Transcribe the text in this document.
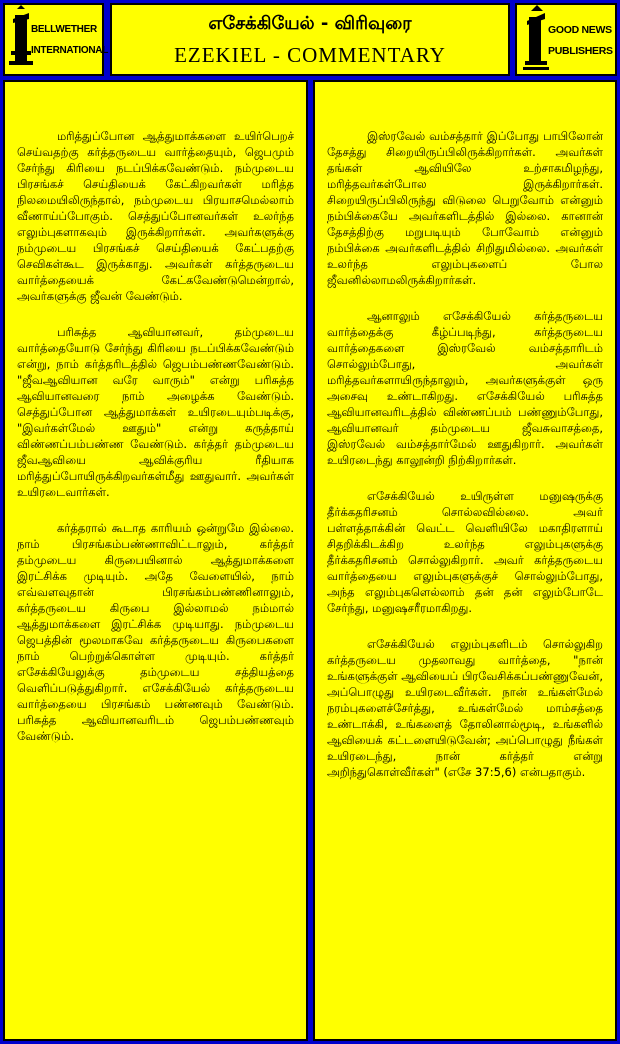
BELLWETHER
INTERNATIONAL
எசேக்கியேல் - விரிவுரை
EZEKIEL - COMMENTARY
GOOD NEWS
PUBLISHERS

மரித்துப்போன ஆத்துமாக்களை உயிர்பெறச் செய்வதற்கு கர்த்தருடைய வார்த்தையும், ஜெபமும் சேர்ந்து கிரியை நடப்பிக்கவேண்டும். நம்முடைய பிரசங்கச் செய்தியைக் கேட்கிறவர்கள் மரித்த நிலமையிலிருந்தால், நம்முடைய பிரயாசமெல்லாம் வீணாய்ப்போகும். செத்துப்போனவர்கள் உலர்ந்த எலும்புகளாகவும் இருக்கிறார்கள். அவர்களுக்கு நம்முடைய பிரசங்கச் செய்தியைக் கேட்பதற்கு செவிகள்கூட இருக்காது. அவர்கள் கர்த்தருடைய வார்த்தையைக் கேட்கவேண்டுமென்றால், அவர்களுக்கு ஜீவன் வேண்டும்.

பரிசுத்த ஆவியானவர், தம்முடைய வார்த்தையோடு சேர்ந்து கிரியை நடப்பிக்கவேண்டும் என்று, நாம் கர்த்தரிடத்தில் ஜெபம்பண்ணவேண்டும். "ஜீவஆவியான வரே வாரும்" என்று பரிசுத்த ஆவியானவரை நாம் அழைக்க வேண்டும். செத்துப்போன ஆத்துமாக்கள் உயிரடையும்படிக்கு, "இவர்கள்மேல் ஊதும்" என்று கருத்தாய் விண்ணப்பம்பண்ண வேண்டும். கர்த்தர் தம்முடைய ஜீவஆவியை ஆவிக்குரிய ரீதியாக மரித்துப்போயிருக்கிறவர்கள்மீது ஊதுவார். அவர்கள் உயிரடைவார்கள்.

கர்த்தரால் கூடாத காரியம் ஒன்றுமே இல்லை. நாம் பிரசங்கம்பண்ணாவிட்டாலும், கர்த்தர் தம்முடைய கிருபையினால் ஆத்துமாக்களை இரட்சிக்க முடியும். அதே வேளையில், நாம் எவ்வளவுதான் பிரசங்கம்பண்ணினாலும், கர்த்தருடைய கிருபை இல்லாமல் நம்மால் ஆத்துமாக்களை இரட்சிக்க முடியாது. நம்முடைய ஜெபத்தின் மூலமாகவே கர்த்தருடைய கிருபைகளை நாம் பெற்றுக்கொள்ள முடியும். கர்த்தர் எசேக்கியேலுக்கு தம்முடைய சத்தியத்தை வெளிப்படுத்துகிறார். எசேக்கியேல் கர்த்தருடைய வார்த்தையை பிரசங்கம் பண்ணவும் வேண்டும். பரிசுத்த ஆவியானவரிடம் ஜெபம்பண்ணவும் வேண்டும்.

இஸ்ரவேல் வம்சத்தார் இப்போது பாபிலோன் தேசத்து சிறையிருப்பிலிருக்கிறார்கள். அவர்கள் தங்கள் ஆவியிலே உற்சாகமிழந்து, மரித்தவர்கள்போல இருக்கிறார்கள். சிறையிருப்பிலிருந்து விடுலை பெறுவோம் என்னும் நம்பிக்கையே அவர்களிடத்தில் இல்லை. கானான் தேசத்திற்கு மறுபடியும் போவோம் என்னும் நம்பிக்கை அவர்களிடத்தில் சிறிதுமில்லை. அவர்கள் உலர்ந்த எலும்புகளைப் போல ஜீவனில்லாமலிருக்கிறார்கள்.

ஆனாலும் எசேக்கியேல் கர்த்தருடைய வார்த்தைக்கு கீழ்ப்படிந்து, கர்த்தருடைய வார்த்தைகளை இஸ்ரவேல் வம்சத்தாரிடம் சொல்லும்போது, அவர்கள் மரித்தவர்களாயிருந்தாலும், அவர்களுக்குள் ஒரு அசைவு உண்டாகிறது. எசேக்கியேல் பரிசுத்த ஆவியானவரிடத்தில் விண்ணப்பம் பண்ணும்போது, ஆவியானவர் தம்முடைய ஜீவசுவாசத்தை, இஸ்ரவேல் வம்சத்தார்மேல் ஊதுகிறார். அவர்கள் உயிரடைந்து காலூன்றி நிற்கிறார்கள்.

எசேக்கியேல் உயிருள்ள மனுஷருக்கு தீர்க்கதரிசனம் சொல்லவில்லை. அவர் பள்ளத்தாக்கின் வெட்ட வெளியிலே மகாதிரளாய் சிதறிக்கிடக்கிற உலர்ந்த எலும்புகளுக்கு தீர்க்கதரிசனம் சொல்லுகிறார். அவர் கர்த்தருடைய வார்த்தையை எலும்புகளுக்குச் சொல்லும்போது, அந்த எலும்புகளெல்லாம் தன் தன் எலும்போடே சேர்ந்து, மனுஷசரீரமாகிறது.

எசேக்கியேல் எலும்புகளிடம் சொல்லுகிற கர்த்தருடைய முதலாவது வார்த்தை, "நான் உங்களுக்குள் ஆவியைப் பிரவேசிக்கப்பண்ணுவேன், அப்பொழுது உயிரடைவீர்கள். நான் உங்கள்மேல் நரம்புகளைச்சேர்த்து, உங்கள்மேல் மாம்சத்தை உண்டாக்கி, உங்களைத் தோலினால்மூடி, உங்களில் ஆவியைக் கட்டளையிடுவேன்; அப்பொழுது நீங்கள் உயிரடைந்து, நான் கர்த்தர் என்று அறிந்துகொள்வீர்கள்" (எசே 37:5,6) என்பதாகும்.
